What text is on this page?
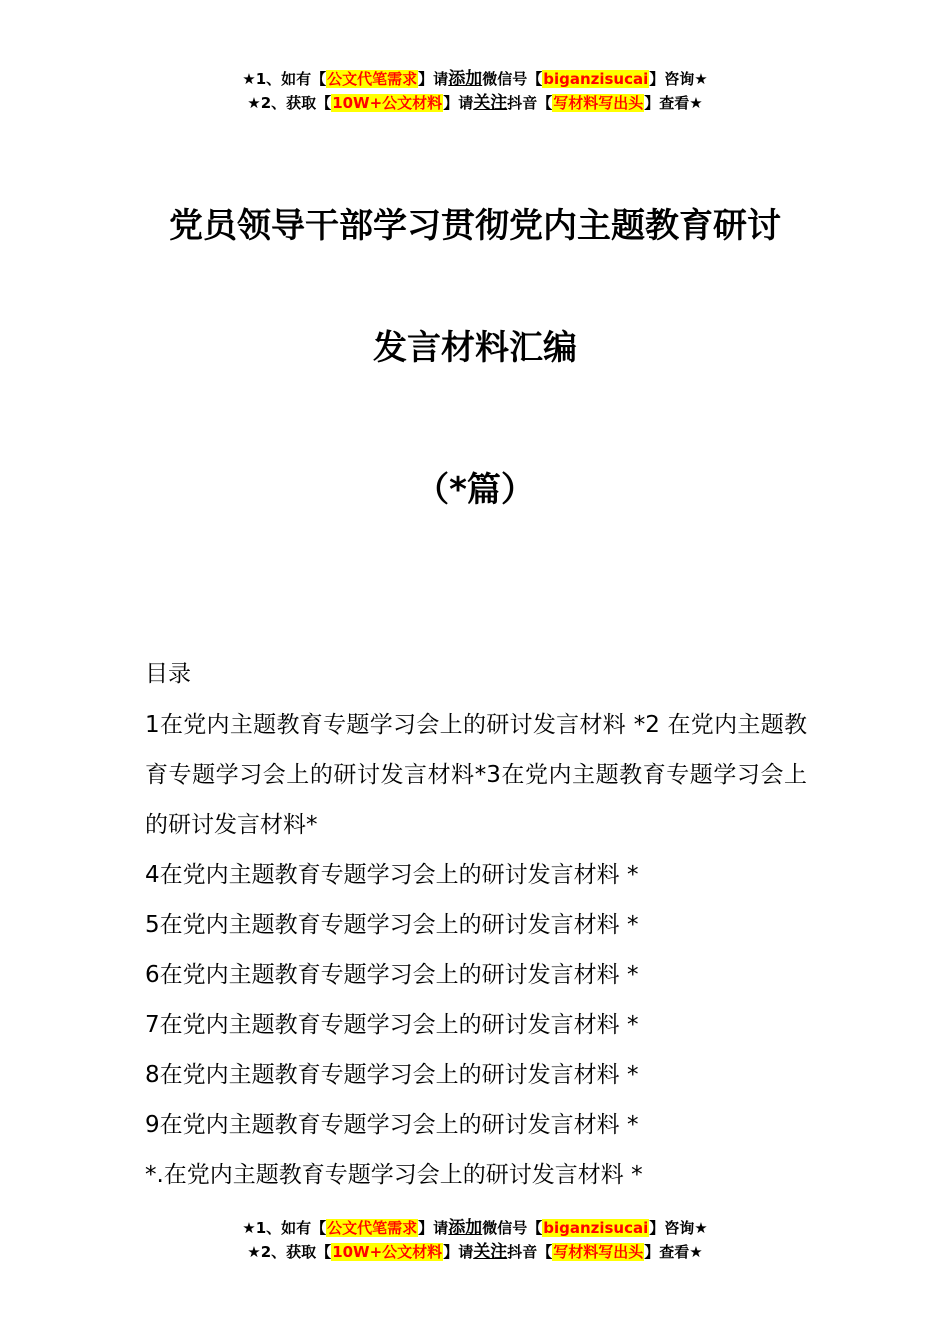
★1、如有【公文代笔需求】请添加微信号【biganzisucai】咨询★
★2、获取【10W+公文材料】请关注抖音【写材料写出头】查看★
党员领导干部学习贯彻党内主题教育研讨
发言材料汇编
（*篇）
目录
1在党内主题教育专题学习会上的研讨发言材料 *2 在党内主题教育专题学习会上的研讨发言材料*3在党内主题教育专题学习会上的研讨发言材料*
4在党内主题教育专题学习会上的研讨发言材料 *
5在党内主题教育专题学习会上的研讨发言材料 *
6在党内主题教育专题学习会上的研讨发言材料 *
7在党内主题教育专题学习会上的研讨发言材料 *
8在党内主题教育专题学习会上的研讨发言材料 *
9在党内主题教育专题学习会上的研讨发言材料 *
*.在党内主题教育专题学习会上的研讨发言材料 *
★1、如有【公文代笔需求】请添加微信号【biganzisucai】咨询★
★2、获取【10W+公文材料】请关注抖音【写材料写出头】查看★
